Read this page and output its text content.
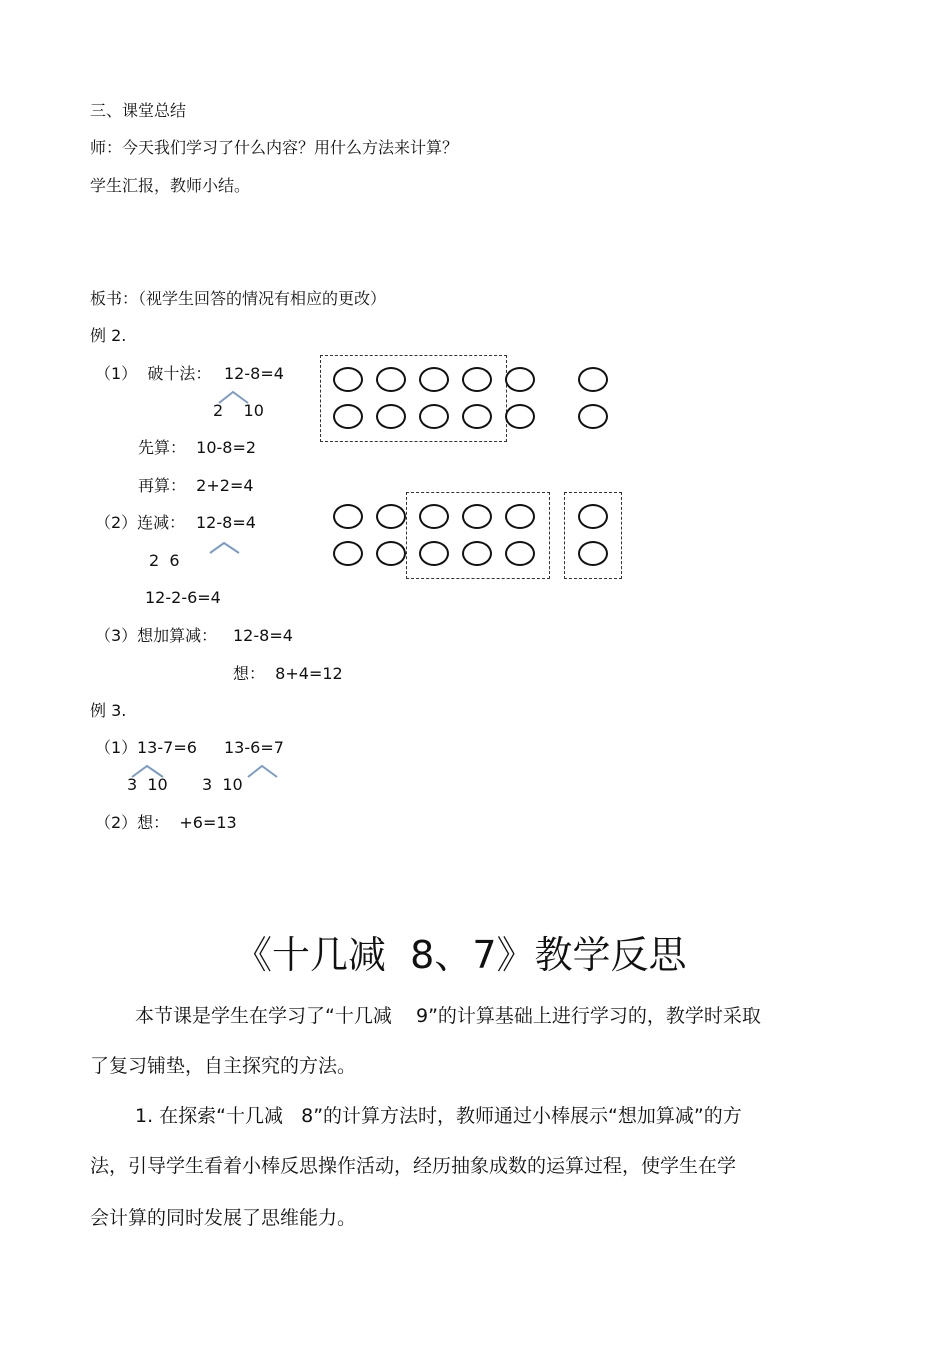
三、课堂总结
师：今天我们学习了什么内容？用什么方法来计算？
学生汇报，教师小结。
板书：（视学生回答的情况有相应的更改）
例 2.
（1）  破十法： 12-8=4
2    10
先算：  10-8=2
再算：  2+2=4
（2）连减： 12-8=4
2  6
12-2-6=4
（3）想加算减： 12-8=4
想：  8+4=12
例 3.
（1） 13-7=6 13-6=7
3  10 3  10
（2）想：  +6=13
《十几减  8、7》教学反思
本节课是学生在学习了“十几减    9”的计算基础上进行学习的，教学时采取
了复习铺垫，自主探究的方法。
1. 在探索“十几减   8”的计算方法时，教师通过小棒展示“想加算减”的方
法，引导学生看着小棒反思操作活动，经历抽象成数的运算过程，使学生在学
会计算的同时发展了思维能力。
